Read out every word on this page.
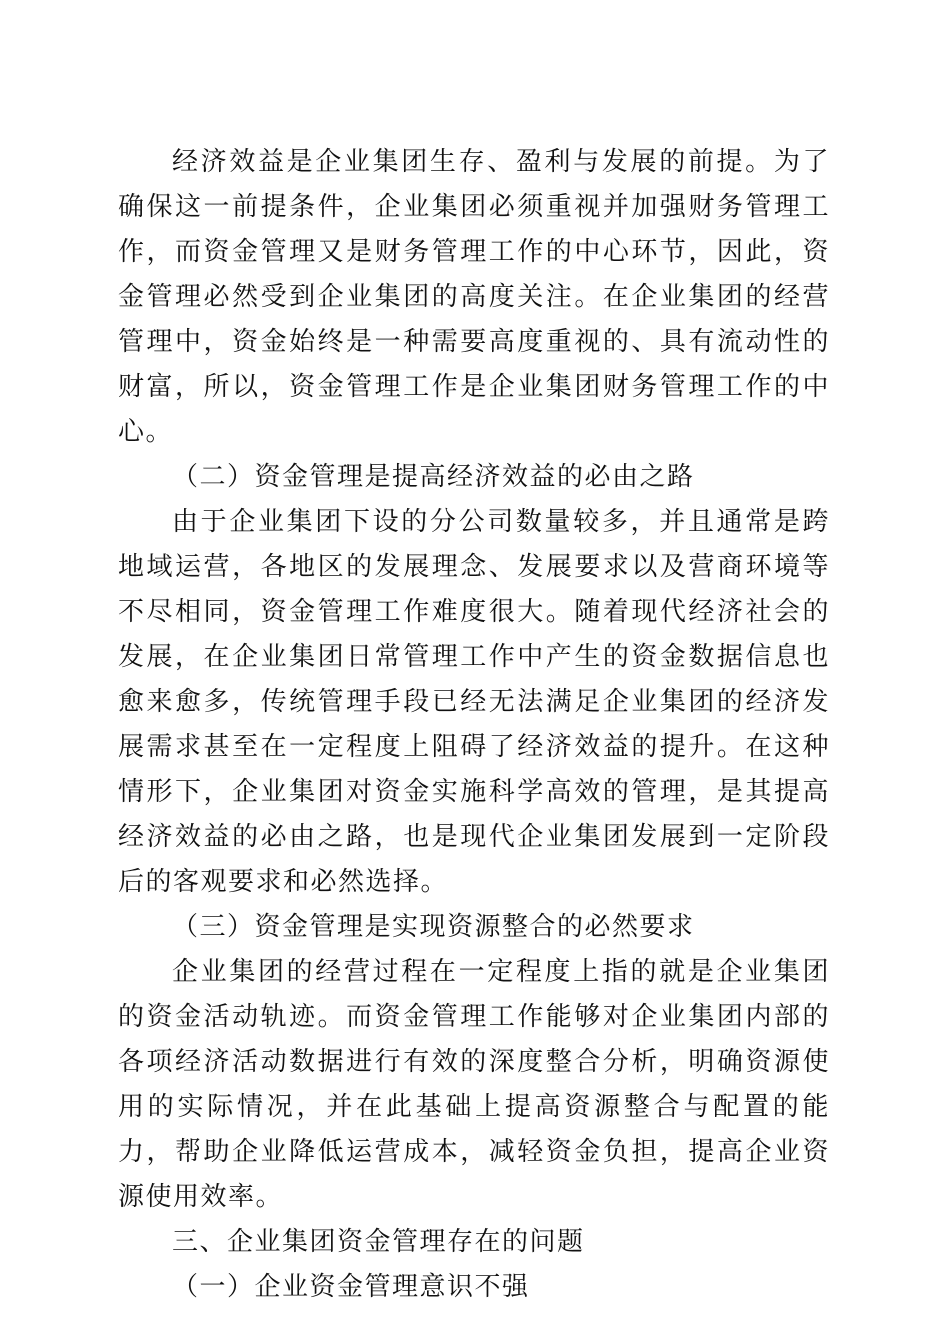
经济效益是企业集团生存、盈利与发展的前提。为了确保这一前提条件，企业集团必须重视并加强财务管理工作，而资金管理又是财务管理工作的中心环节，因此，资金管理必然受到企业集团的高度关注。在企业集团的经营管理中，资金始终是一种需要高度重视的、具有流动性的财富，所以，资金管理工作是企业集团财务管理工作的中心。

（二）资金管理是提高经济效益的必由之路

由于企业集团下设的分公司数量较多，并且通常是跨地域运营，各地区的发展理念、发展要求以及营商环境等不尽相同，资金管理工作难度很大。随着现代经济社会的发展，在企业集团日常管理工作中产生的资金数据信息也愈来愈多，传统管理手段已经无法满足企业集团的经济发展需求甚至在一定程度上阻碍了经济效益的提升。在这种情形下，企业集团对资金实施科学高效的管理，是其提高经济效益的必由之路，也是现代企业集团发展到一定阶段后的客观要求和必然选择。

（三）资金管理是实现资源整合的必然要求

企业集团的经营过程在一定程度上指的就是企业集团的资金活动轨迹。而资金管理工作能够对企业集团内部的各项经济活动数据进行有效的深度整合分析，明确资源使用的实际情况，并在此基础上提高资源整合与配置的能力，帮助企业降低运营成本，减轻资金负担，提高企业资源使用效率。

三、企业集团资金管理存在的问题

（一）企业资金管理意识不强
